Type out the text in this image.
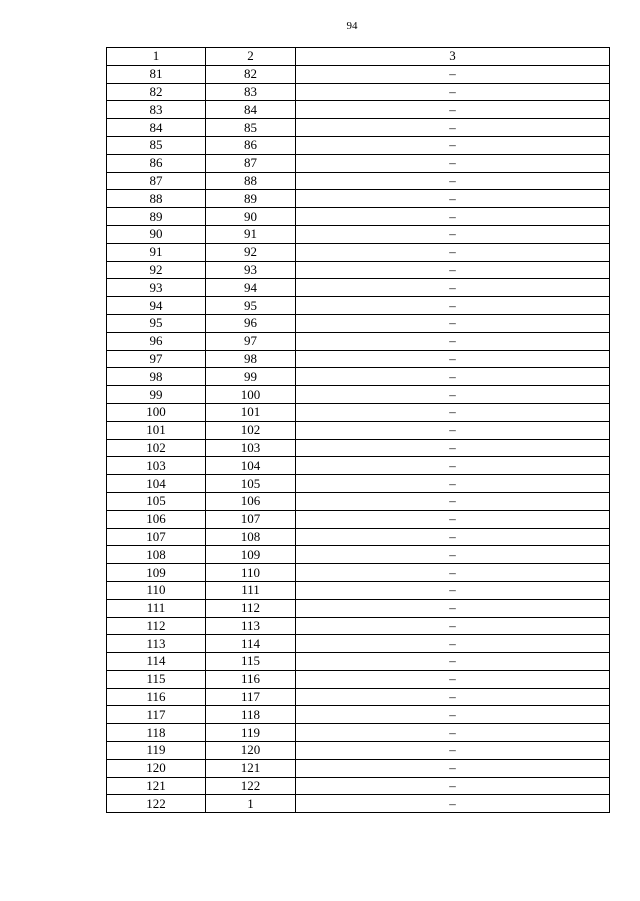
94
1	2	3
81	82	–
82	83	–
83	84	–
84	85	–
85	86	–
86	87	–
87	88	–
88	89	–
89	90	–
90	91	–
91	92	–
92	93	–
93	94	–
94	95	–
95	96	–
96	97	–
97	98	–
98	99	–
99	100	–
100	101	–
101	102	–
102	103	–
103	104	–
104	105	–
105	106	–
106	107	–
107	108	–
108	109	–
109	110	–
110	111	–
111	112	–
112	113	–
113	114	–
114	115	–
115	116	–
116	117	–
117	118	–
118	119	–
119	120	–
120	121	–
121	122	–
122	1	–
